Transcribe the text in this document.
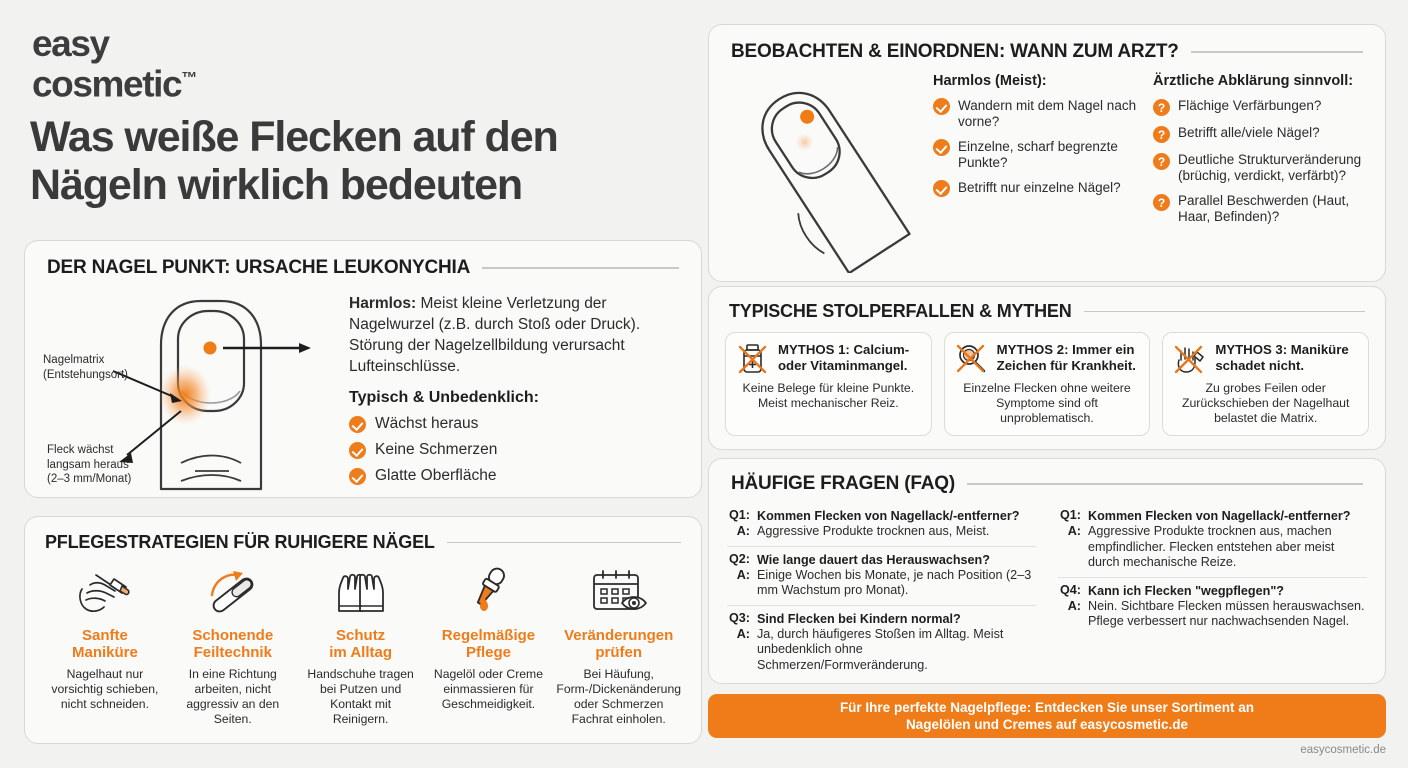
easy
cosmetic™
Was weiße Flecken auf den Nägeln wirklich bedeuten
DER NAGEL PUNKT: URSACHE LEUKONYCHIA
Nagelmatrix
(Entstehungsort)
Fleck wächst
langsam heraus
(2–3 mm/Monat)

Harmlos: Meist kleine Verletzung der Nagelwurzel (z.B. durch Stoß oder Druck). Störung der Nagelzellbildung verursacht Lufteinschlüsse.

Typisch & Unbedenklich:
Wächst heraus
Keine Schmerzen
Glatte Oberfläche
PFLEGESTRATEGIEN FÜR RUHIGERE NÄGEL
Sanfte
Maniküre
Nagelhaut nur vorsichtig schieben, nicht schneiden.
Schonende
Feiltechnik
In eine Richtung arbeiten, nicht aggressiv an den Seiten.
Schutz
im Alltag
Handschuhe tragen bei Putzen und Kontakt mit Reinigern.
Regelmäßige
Pflege
Nagelöl oder Creme einmassieren für Geschmeidigkeit.
Veränderungen
prüfen
Bei Häufung, Form-/Dickenänderung oder Schmerzen Fachrat einholen.
BEOBACHTEN & EINORDNEN: WANN ZUM ARZT?
Harmlos (Meist):
Wandern mit dem Nagel nach vorne?
Einzelne, scharf begrenzte Punkte?
Betrifft nur einzelne Nägel?
Ärztliche Abklärung sinnvoll:
? Flächige Verfärbungen?
? Betrifft alle/viele Nägel?
? Deutliche Strukturveränderung (brüchig, verdickt, verfärbt)?
? Parallel Beschwerden (Haut, Haar, Befinden)?
TYPISCHE STOLPERFALLEN & MYTHEN
MYTHOS 1: Calcium- oder Vitaminmangel.
Keine Belege für kleine Punkte. Meist mechanischer Reiz.
MYTHOS 2: Immer ein Zeichen für Krankheit.
Einzelne Flecken ohne weitere Symptome sind oft unproblematisch.
MYTHOS 3: Maniküre schadet nicht.
Zu grobes Feilen oder Zurückschieben der Nagelhaut belastet die Matrix.
HÄUFIGE FRAGEN (FAQ)
Q1: Kommen Flecken von Nagellack/-entferner?
A: Aggressive Produkte trocknen aus, Meist.
Q2: Wie lange dauert das Herauswachsen?
A: Einige Wochen bis Monate, je nach Position (2–3 mm Wachstum pro Monat).
Q3: Sind Flecken bei Kindern normal?
A: Ja, durch häufigeres Stoßen im Alltag. Meist unbedenklich ohne Schmerzen/Formveränderung.
Q1: Kommen Flecken von Nagellack/-entferner?
A: Aggressive Produkte trocknen aus, machen empfindlicher. Flecken entstehen aber meist durch mechanische Reize.
Q4: Kann ich Flecken "wegpflegen"?
A: Nein. Sichtbare Flecken müssen herauswachsen. Pflege verbessert nur nachwachsenden Nagel.
Für Ihre perfekte Nagelpflege: Entdecken Sie unser Sortiment an
Nagelölen und Cremes auf easycosmetic.de
easycosmetic.de
